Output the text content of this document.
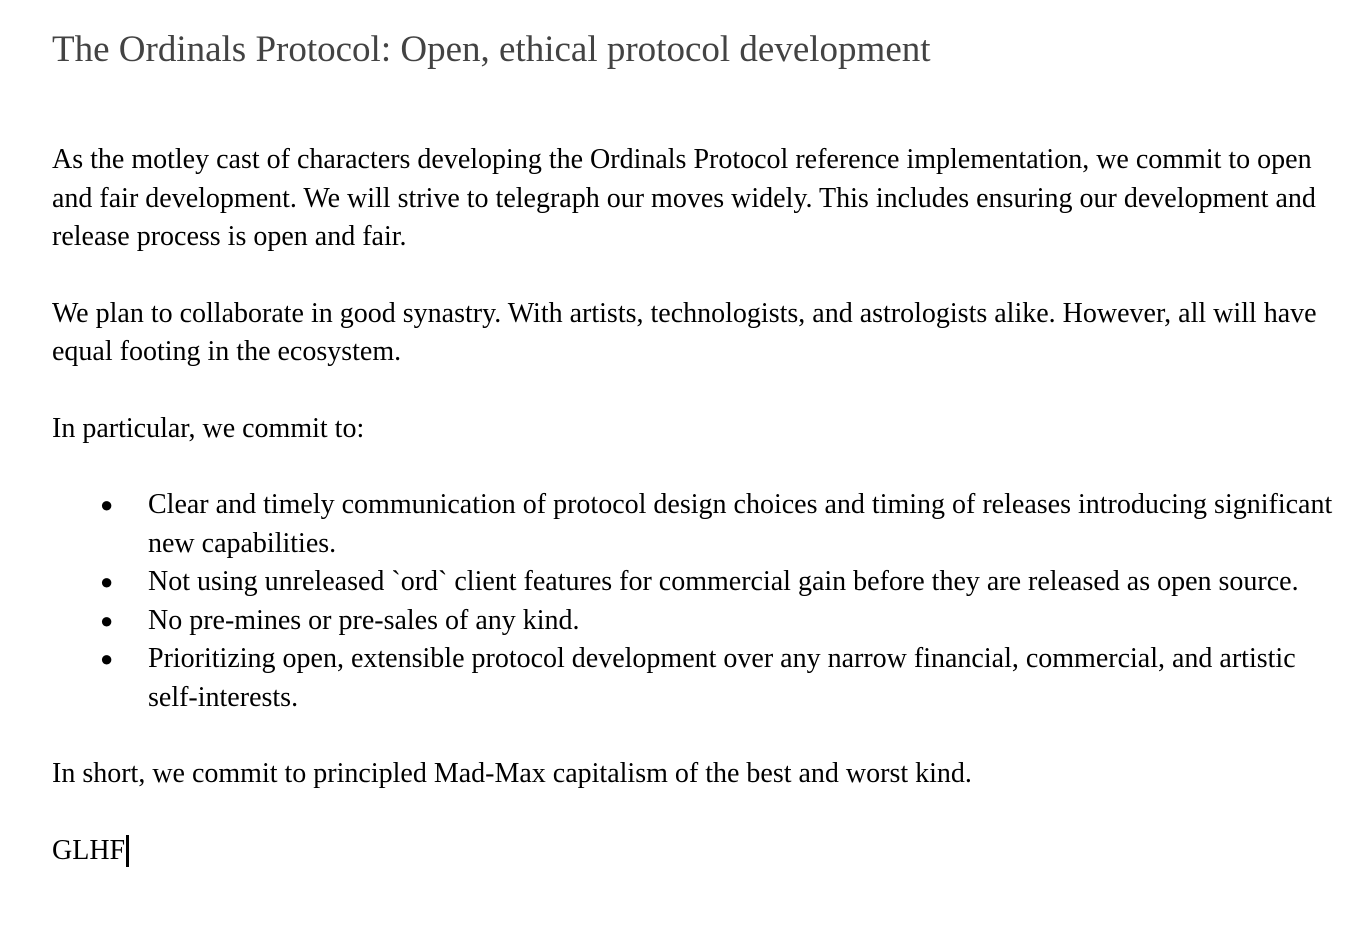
The Ordinals Protocol: Open, ethical protocol development

As the motley cast of characters developing the Ordinals Protocol reference implementation, we commit to open and fair development. We will strive to telegraph our moves widely. This includes ensuring our development and release process is open and fair.

We plan to collaborate in good synastry. With artists, technologists, and astrologists alike. However, all will have equal footing in the ecosystem.

In particular, we commit to:

● Clear and timely communication of protocol design choices and timing of releases introducing significant new capabilities.
● Not using unreleased `ord` client features for commercial gain before they are released as open source.
● No pre-mines or pre-sales of any kind.
● Prioritizing open, extensible protocol development over any narrow financial, commercial, and artistic self-interests.

In short, we commit to principled Mad-Max capitalism of the best and worst kind.

GLHF
